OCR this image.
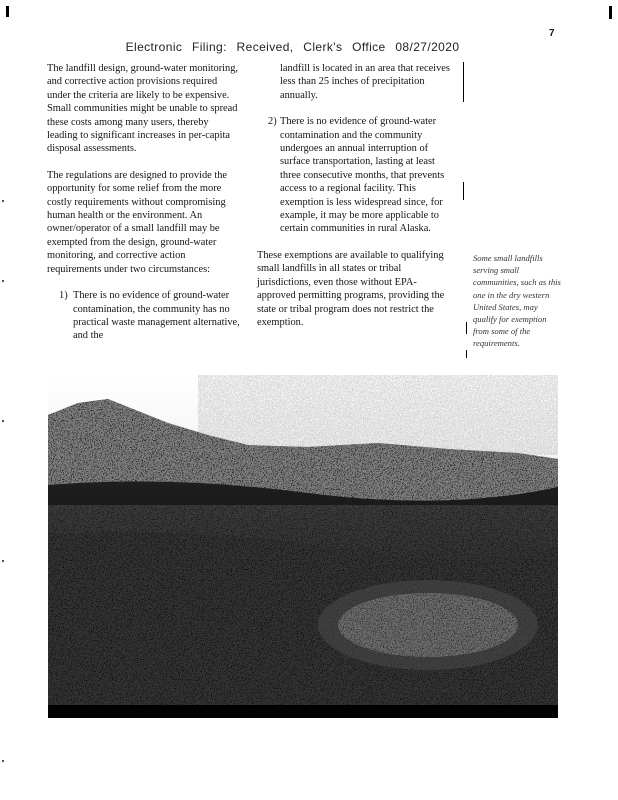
Electronic Filing: Received, Clerk's Office 08/27/2020
7

The landfill design, ground-water monitoring, and corrective action provisions required under the criteria are likely to be expensive. Small communities might be unable to spread these costs among many users, thereby leading to significant increases in per-capita disposal assessments.

The regulations are designed to provide the opportunity for some relief from the more costly requirements without compromising human health or the environment. An owner/operator of a small landfill may be exempted from the design, ground-water monitoring, and corrective action requirements under two circumstances:

1) There is no evidence of ground-water contamination, the community has no practical waste management alternative, and the

landfill is located in an area that receives less than 25 inches of precipitation annually.

2) There is no evidence of ground-water contamination and the community undergoes an annual interruption of surface transportation, lasting at least three consecutive months, that prevents access to a regional facility. This exemption is less widespread since, for example, it may be more applicable to certain communities in rural Alaska.

These exemptions are available to qualifying small landfills in all states or tribal jurisdictions, even those without EPA-approved permitting programs, providing the state or tribal program does not restrict the exemption.

Some small landfills serving small communities, such as this one in the dry western United States, may qualify for exemption from some of the requirements.
